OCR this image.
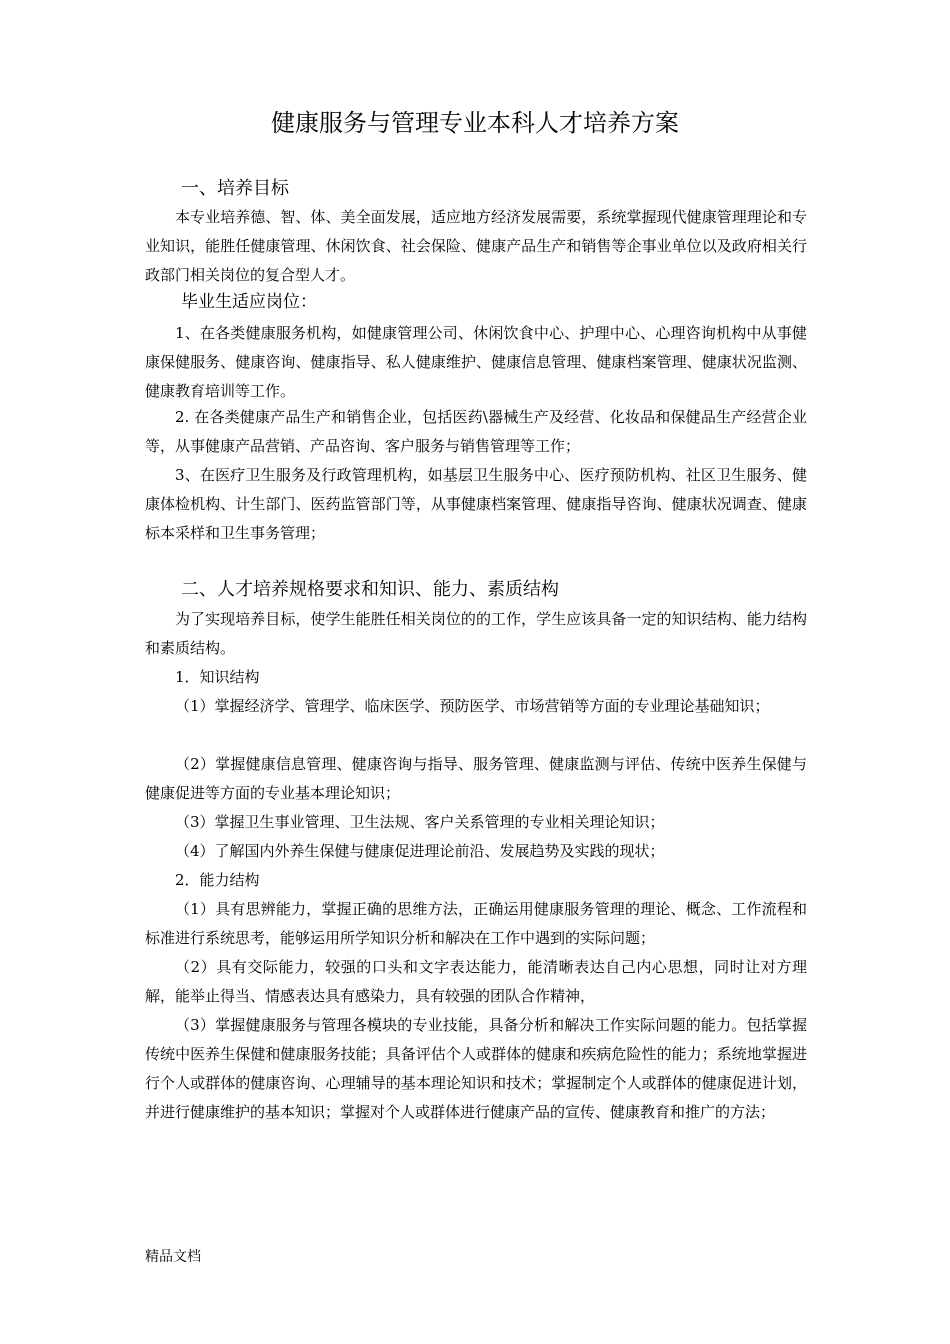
健康服务与管理专业本科人才培养方案
一、培养目标

本专业培养德、智、体、美全面发展，适应地方经济发展需要，系统掌握现代健康管理理论和专业知识，能胜任健康管理、休闲饮食、社会保险、健康产品生产和销售等企事业单位以及政府相关行政部门相关岗位的复合型人才。

毕业生适应岗位：

1、在各类健康服务机构，如健康管理公司、休闲饮食中心、护理中心、心理咨询机构中从事健康保健服务、健康咨询、健康指导、私人健康维护、健康信息管理、健康档案管理、健康状况监测、健康教育培训等工作。

2. 在各类健康产品生产和销售企业，包括医药\器械生产及经营、化妆品和保健品生产经营企业等，从事健康产品营销、产品咨询、客户服务与销售管理等工作；

3、在医疗卫生服务及行政管理机构，如基层卫生服务中心、医疗预防机构、社区卫生服务、健康体检机构、计生部门、医药监管部门等，从事健康档案管理、健康指导咨询、健康状况调查、健康标本采样和卫生事务管理；

二、人才培养规格要求和知识、能力、素质结构

为了实现培养目标，使学生能胜任相关岗位的的工作，学生应该具备一定的知识结构、能力结构和素质结构。

1．知识结构

（1）掌握经济学、管理学、临床医学、预防医学、市场营销等方面的专业理论基础知识；

（2）掌握健康信息管理、健康咨询与指导、服务管理、健康监测与评估、传统中医养生保健与健康促进等方面的专业基本理论知识；

（3）掌握卫生事业管理、卫生法规、客户关系管理的专业相关理论知识；

（4）了解国内外养生保健与健康促进理论前沿、发展趋势及实践的现状；

2．能力结构

（1）具有思辨能力，掌握正确的思维方法，正确运用健康服务管理的理论、概念、工作流程和标准进行系统思考，能够运用所学知识分析和解决在工作中遇到的实际问题；

（2）具有交际能力，较强的口头和文字表达能力，能清晰表达自己内心思想，同时让对方理解，能举止得当、情感表达具有感染力，具有较强的团队合作精神，

（3）掌握健康服务与管理各模块的专业技能，具备分析和解决工作实际问题的能力。包括掌握传统中医养生保健和健康服务技能；具备评估个人或群体的健康和疾病危险性的能力；系统地掌握进行个人或群体的健康咨询、心理辅导的基本理论知识和技术；掌握制定个人或群体的健康促进计划，并进行健康维护的基本知识；掌握对个人或群体进行健康产品的宣传、健康教育和推广的方法；

精品文档
